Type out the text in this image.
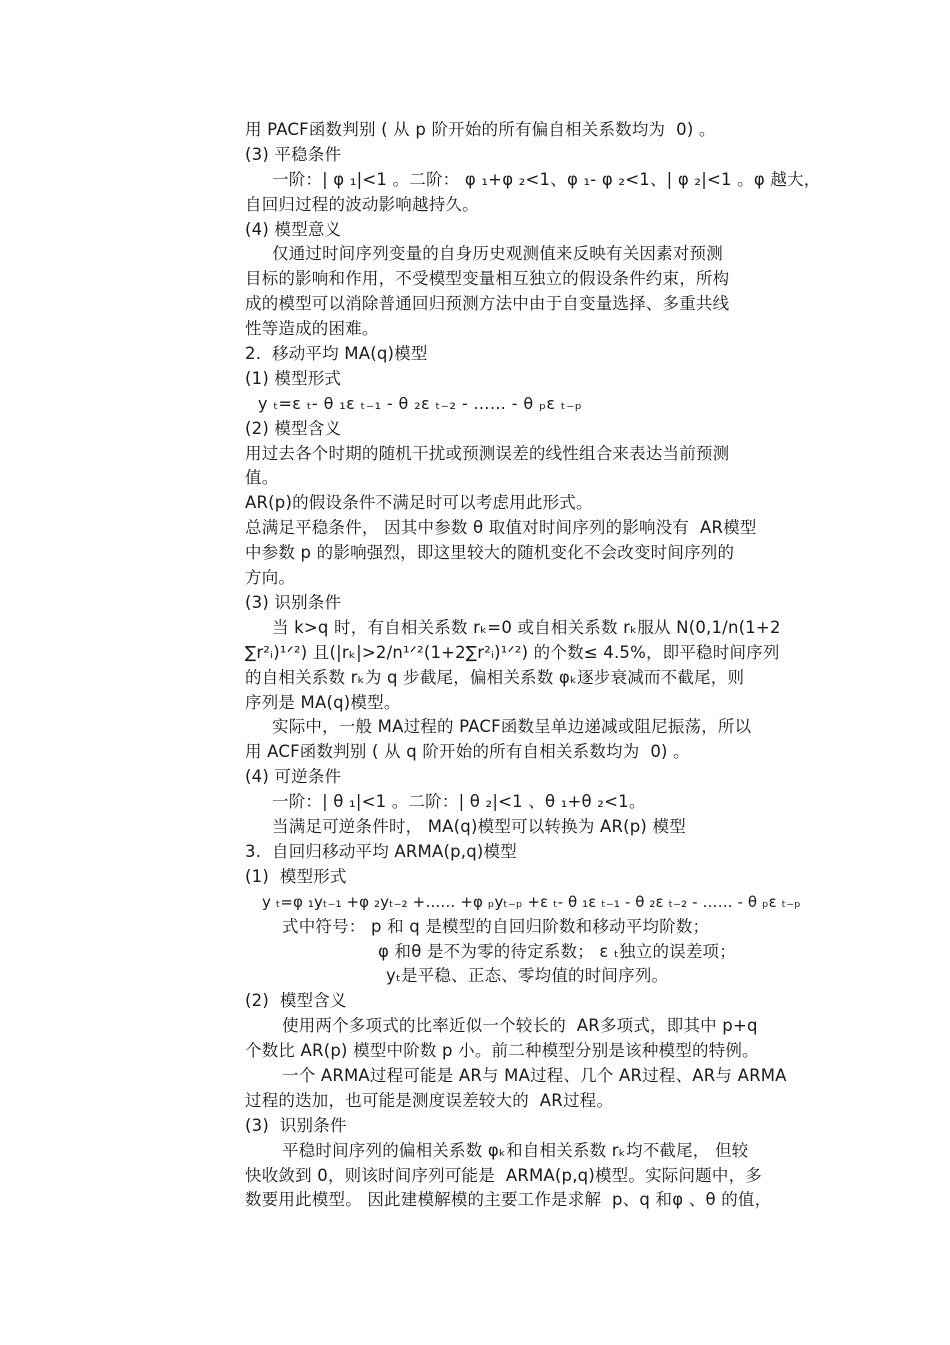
用 PACF函数判别 ( 从 p 阶开始的所有偏自相关系数均为  0) 。
(3) 平稳条件
一阶：| φ ₁|<1 。二阶： φ ₁+φ ₂<1、φ ₁- φ ₂<1、| φ ₂|<1 。φ 越大，
自回归过程的波动影响越持久。
(4) 模型意义
仅通过时间序列变量的自身历史观测值来反映有关因素对预测
目标的影响和作用，不受模型变量相互独立的假设条件约束，所构
成的模型可以消除普通回归预测方法中由于自变量选择、多重共线
性等造成的困难。
2.  移动平均 MA(q)模型
(1) 模型形式
y ₜ=ε ₜ- θ ₁ε ₜ₋₁ - θ ₂ε ₜ₋₂ - …… - θ ₚε ₜ₋ₚ
(2) 模型含义
用过去各个时期的随机干扰或预测误差的线性组合来表达当前预测
值。
AR(p)的假设条件不满足时可以考虑用此形式。
总满足平稳条件， 因其中参数 θ 取值对时间序列的影响没有  AR模型
中参数 p 的影响强烈，即这里较大的随机变化不会改变时间序列的
方向。
(3) 识别条件
当 k>q 时，有自相关系数 rₖ=0 或自相关系数 rₖ服从 N(0,1/n(1+2
∑r²ᵢ)¹ᐟ²) 且(|rₖ|>2/n¹ᐟ²(1+2∑r²ᵢ)¹ᐟ²) 的个数≤ 4.5%，即平稳时间序列
的自相关系数 rₖ为 q 步截尾，偏相关系数 φₖ逐步衰减而不截尾，则
序列是 MA(q)模型。
实际中，一般 MA过程的 PACF函数呈单边递减或阻尼振荡，所以
用 ACF函数判别 ( 从 q 阶开始的所有自相关系数均为  0) 。
(4) 可逆条件
一阶：| θ ₁|<1 。二阶：| θ ₂|<1 、θ ₁+θ ₂<1。
当满足可逆条件时， MA(q)模型可以转换为 AR(p) 模型
3.  自回归移动平均 ARMA(p,q)模型
(1)  模型形式
y ₜ=φ ₁yₜ₋₁ +φ ₂yₜ₋₂ +…… +φ ₚyₜ₋ₚ +ε ₜ- θ ₁ε ₜ₋₁ - θ ₂ε ₜ₋₂ - …… - θ ₚε ₜ₋ₚ
式中符号： p 和 q 是模型的自回归阶数和移动平均阶数；
φ 和θ 是不为零的待定系数； ε ₜ独立的误差项；
yₜ是平稳、正态、零均值的时间序列。
(2)  模型含义
使用两个多项式的比率近似一个较长的  AR多项式，即其中 p+q
个数比 AR(p) 模型中阶数 p 小。前二种模型分别是该种模型的特例。
一个 ARMA过程可能是 AR与 MA过程、几个 AR过程、AR与 ARMA
过程的迭加，也可能是测度误差较大的  AR过程。
(3)  识别条件
平稳时间序列的偏相关系数 φₖ和自相关系数 rₖ均不截尾， 但较
快收敛到 0，则该时间序列可能是  ARMA(p,q)模型。实际问题中，多
数要用此模型。 因此建模解模的主要工作是求解  p、q 和φ 、θ 的值，
